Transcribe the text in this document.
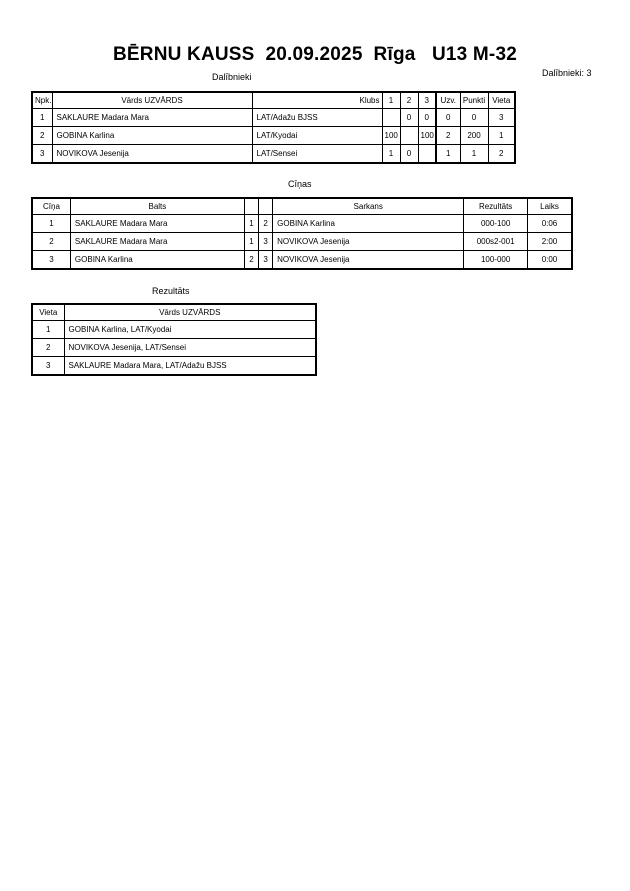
BĒRNU KAUSS  20.09.2025  Rīga   U13 M-32
Dalībnieki: 3
Dalībnieki
Npk.	Vārds UZVĀRDS	Klubs	1	2	3	Uzv.	Punkti	Vieta
1	SAKLAURE Madara Mara	LAT/Adažu BJSS		0	0	0	0	3
2	GOBINA Karlina	LAT/Kyodai	100		100	2	200	1
3	NOVIKOVA Jesenija	LAT/Sensei	1	0		1	1	2
Cīņas
Cīņa	Balts			Sarkans	Rezultāts	Laiks
1	SAKLAURE Madara Mara	1	2	GOBINA Karlina	000-100	0:06
2	SAKLAURE Madara Mara	1	3	NOVIKOVA Jesenija	000s2-001	2:00
3	GOBINA Karlina	2	3	NOVIKOVA Jesenija	100-000	0:00
Rezultāts
Vieta	Vārds UZVĀRDS
1	GOBINA Karlina, LAT/Kyodai
2	NOVIKOVA Jesenija, LAT/Sensei
3	SAKLAURE Madara Mara, LAT/Adažu BJSS
